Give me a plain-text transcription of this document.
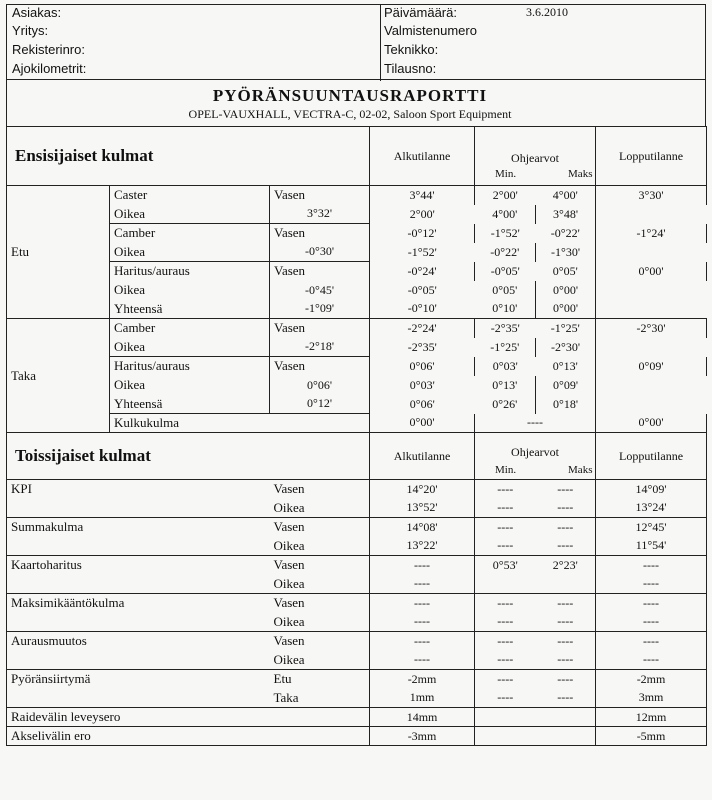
Asiakas:
Yritys:
Rekisterinro:
Ajokilometrit:
Päivämäärä:	3.6.2010
Valmistenumero
Teknikko:
Tilausno:
PYÖRÄNSUUNTAUSRAPORTTI
OPEL-VAUXHALL, VECTRA-C, 02-02, Saloon Sport Equipment
Ensisijaiset kulmat			Alkutilanne	Ohjearvot
Min. Maks		Lopputilanne
Etu	Caster	Vasen	3°44'	2°00'	4°00'	3°30'
	Oikea	3°32'	2°00'	4°00'	3°48'	
	Camber	Vasen	-0°12'	-1°52'	-0°22'	-1°24'
	Oikea	-0°30'	-1°52'	-0°22'	-1°30'	
	Haritus/auraus	Vasen	-0°24'	-0°05'	0°05'	0°00'
	Oikea	-0°45'	-0°05'	0°05'	0°00'	
	Yhteensä	-1°09'	-0°10'	0°10'	0°00'	
Taka	Camber	Vasen	-2°24'	-2°35'	-1°25'	-2°30'
	Oikea	-2°18'	-2°35'	-1°25'	-2°30'	
	Haritus/auraus	Vasen	0°06'	0°03'	0°13'	0°09'
	Oikea	0°06'	0°03'	0°13'	0°09'	
	Yhteensä	0°12'	0°06'	0°26'	0°18'	
	Kulkukulma		0°00'	----		0°00'
Toissijaiset kulmat			Alkutilanne	Ohjearvot
Min. Maks		Lopputilanne
KPI		Vasen	14°20'	----	----	14°09'
		Oikea	13°52'	----	----	13°24'
Summakulma		Vasen	14°08'	----	----	12°45'
		Oikea	13°22'	----	----	11°54'
Kaartoharitus		Vasen	----	0°53'	2°23'	----
		Oikea	----			----
Maksimikääntökulma		Vasen	----	----	----	----
		Oikea	----	----	----	----
Aurausmuutos		Vasen	----	----	----	----
		Oikea	----	----	----	----
Pyöränsiirtymä		Etu	-2mm	----	----	-2mm
		Taka	1mm	----	----	3mm
Raidevälin leveysero			14mm			12mm
Akselivälin ero			-3mm			-5mm
